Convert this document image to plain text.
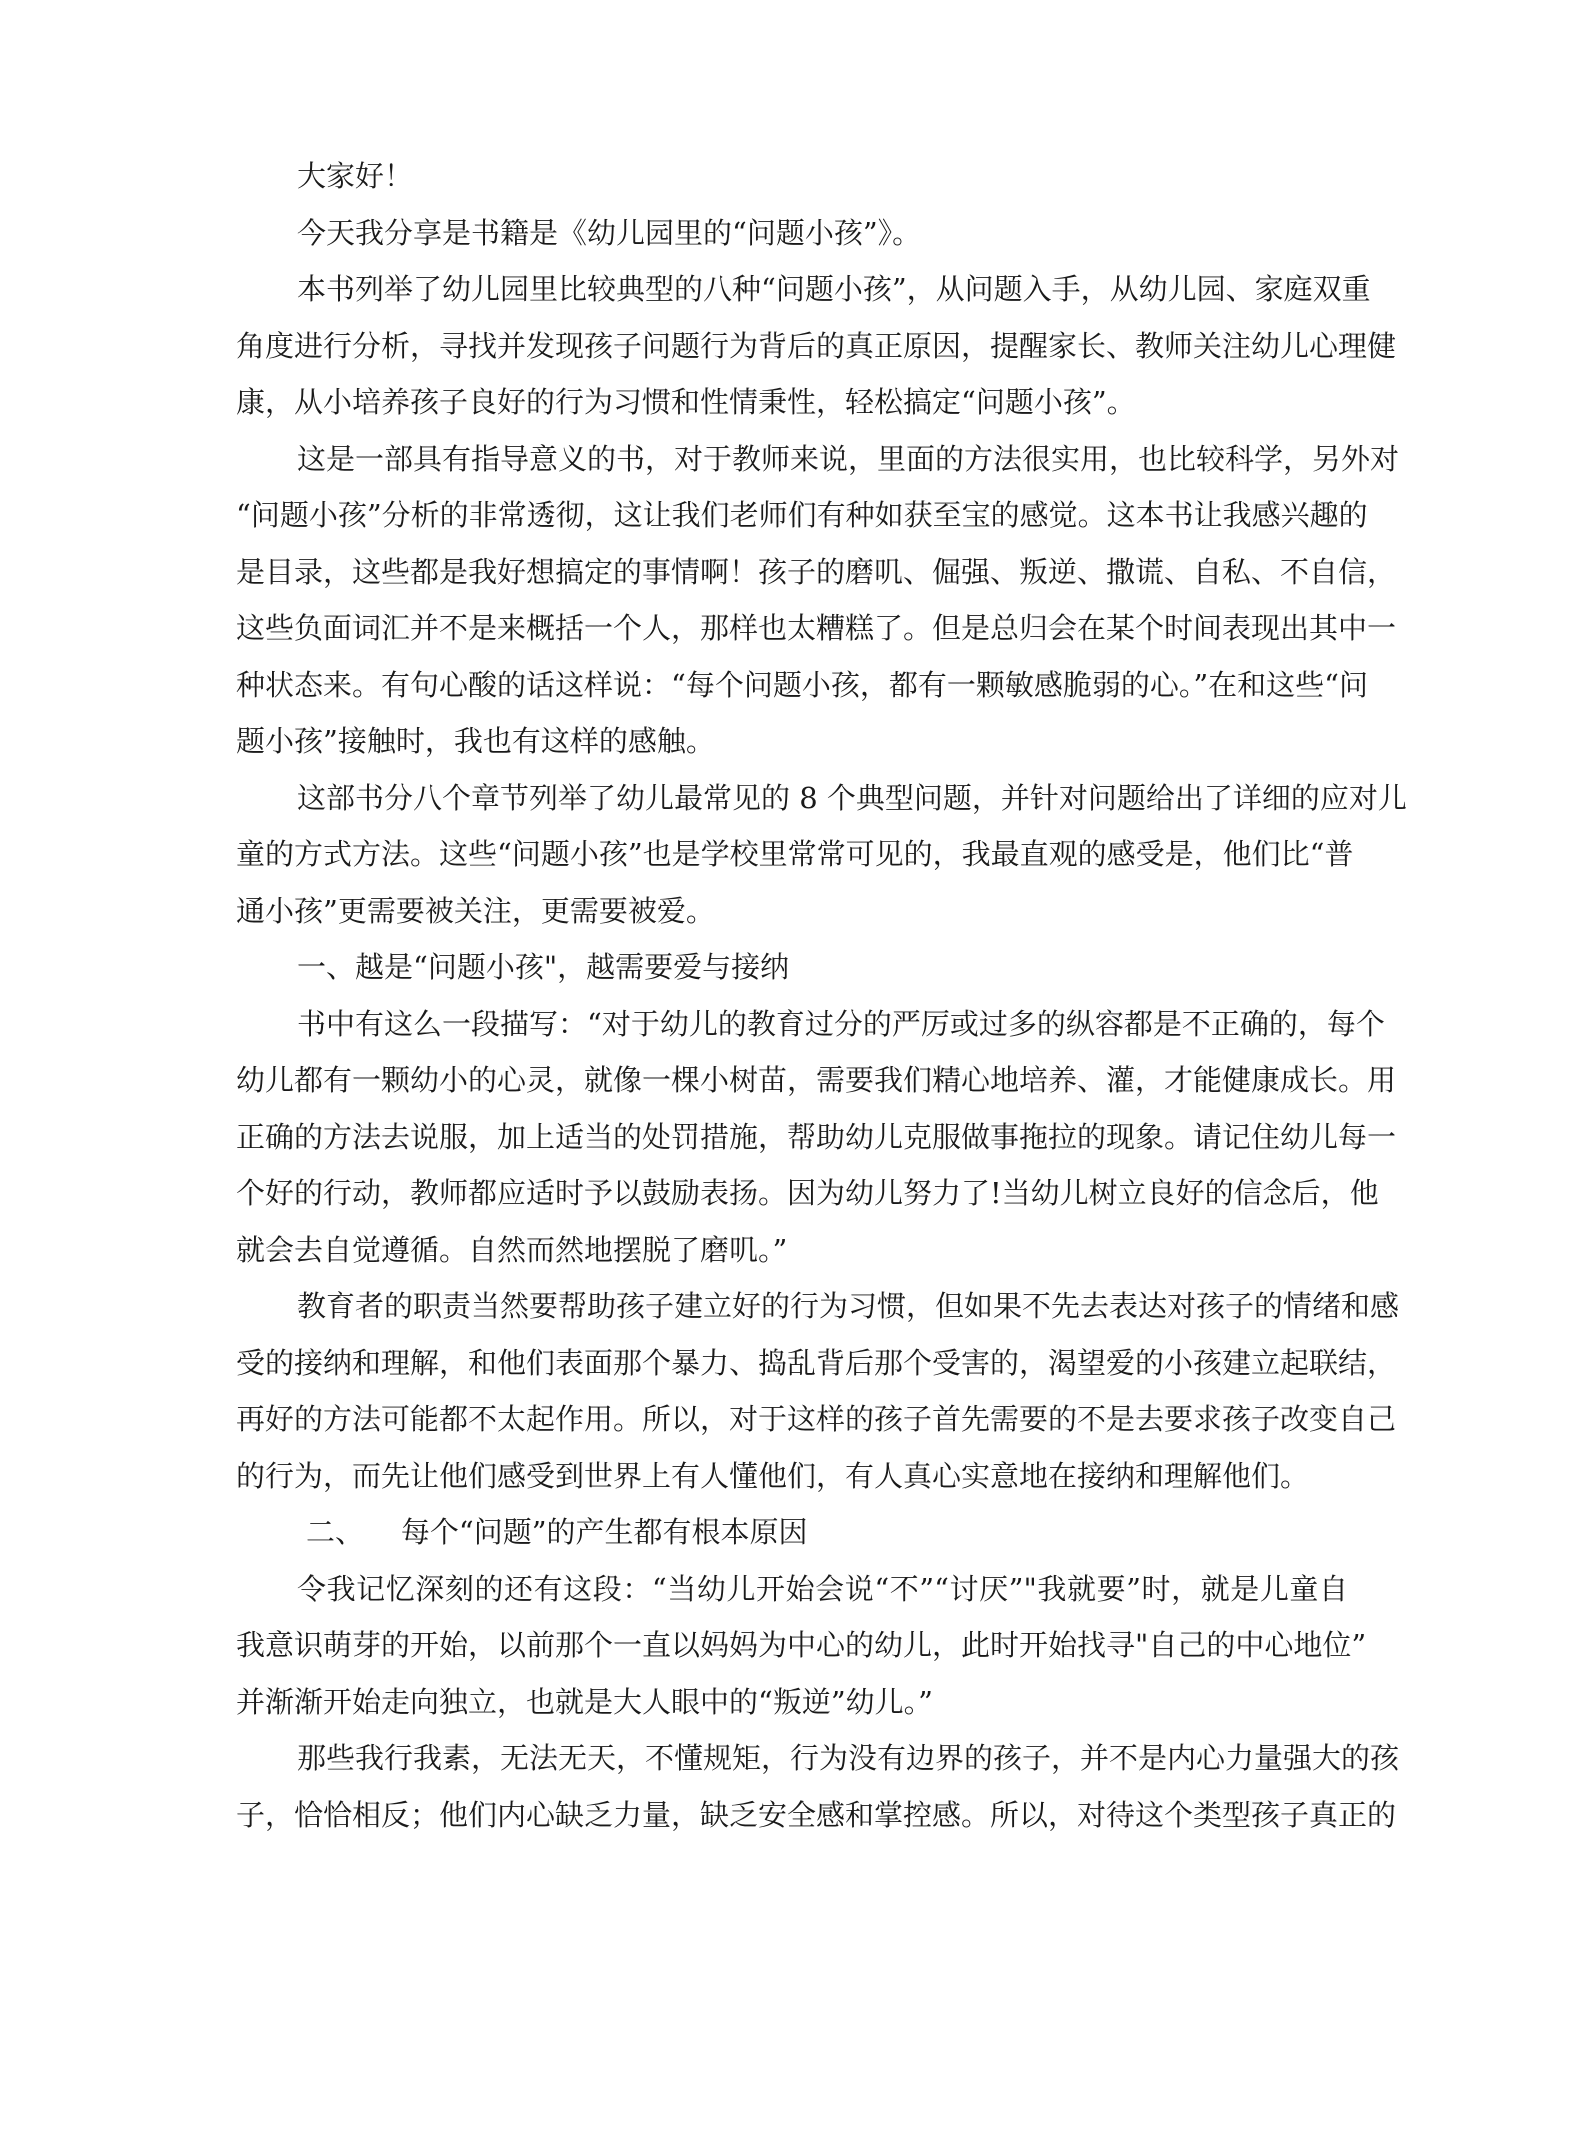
大家好！
今天我分享是书籍是《幼儿园里的“问题小孩”》。
本书列举了幼儿园里比较典型的八种“问题小孩”，从问题入手，从幼儿园、家庭双重
角度进行分析，寻找并发现孩子问题行为背后的真正原因，提醒家长、教师关注幼儿心理健
康，从小培养孩子良好的行为习惯和性情秉性，轻松搞定“问题小孩”。
这是一部具有指导意义的书，对于教师来说，里面的方法很实用，也比较科学，另外对
“问题小孩”分析的非常透彻，这让我们老师们有种如获至宝的感觉。这本书让我感兴趣的
是目录，这些都是我好想搞定的事情啊！孩子的磨叽、倔强、叛逆、撒谎、自私、不自信，
这些负面词汇并不是来概括一个人，那样也太糟糕了。但是总归会在某个时间表现出其中一
种状态来。有句心酸的话这样说：“每个问题小孩，都有一颗敏感脆弱的心。”在和这些“问
题小孩”接触时，我也有这样的感触。
这部书分八个章节列举了幼儿最常见的 8 个典型问题，并针对问题给出了详细的应对儿
童的方式方法。这些“问题小孩”也是学校里常常可见的，我最直观的感受是，他们比“普
通小孩”更需要被关注，更需要被爱。
一、越是“问题小孩"，越需要爱与接纳
书中有这么一段描写：“对于幼儿的教育过分的严厉或过多的纵容都是不正确的，每个
幼儿都有一颗幼小的心灵，就像一棵小树苗，需要我们精心地培养、灌，才能健康成长。用
正确的方法去说服，加上适当的处罚措施，帮助幼儿克服做事拖拉的现象。请记住幼儿每一
个好的行动，教师都应适时予以鼓励表扬。因为幼儿努力了!当幼儿树立良好的信念后，他
就会去自觉遵循。自然而然地摆脱了磨叽。”
教育者的职责当然要帮助孩子建立好的行为习惯，但如果不先去表达对孩子的情绪和感
受的接纳和理解，和他们表面那个暴力、捣乱背后那个受害的，渴望爱的小孩建立起联结，
再好的方法可能都不太起作用。所以，对于这样的孩子首先需要的不是去要求孩子改变自己
的行为，而先让他们感受到世界上有人懂他们，有人真心实意地在接纳和理解他们。
二、    每个“问题”的产生都有根本原因
令我记忆深刻的还有这段：“当幼儿开始会说“不”“讨厌”"我就要”时，就是儿童自
我意识萌芽的开始，以前那个一直以妈妈为中心的幼儿，此时开始找寻"自己的中心地位”
并渐渐开始走向独立，也就是大人眼中的“叛逆”幼儿。”
那些我行我素，无法无天，不懂规矩，行为没有边界的孩子，并不是内心力量强大的孩
子，恰恰相反；他们内心缺乏力量，缺乏安全感和掌控感。所以，对待这个类型孩子真正的
